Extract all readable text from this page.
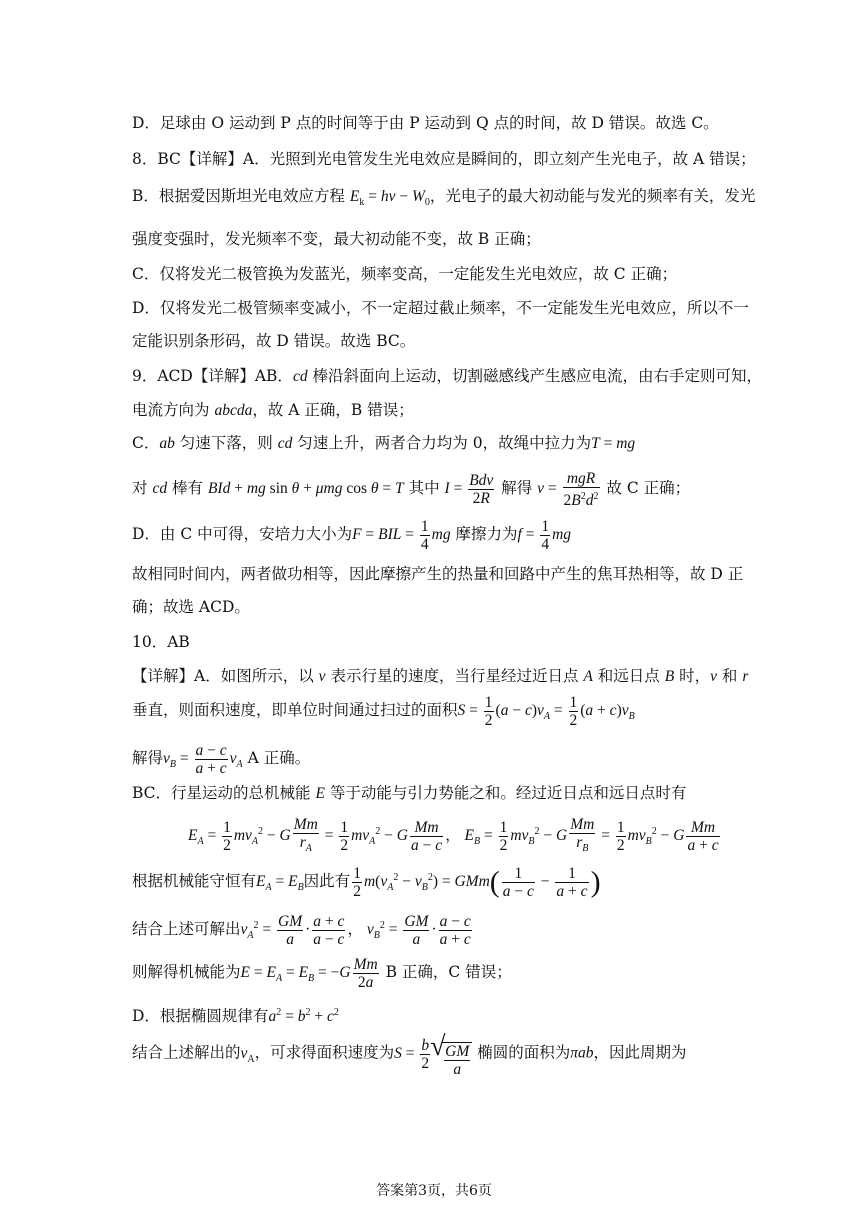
D．足球由 O 运动到 P 点的时间等于由 P 运动到 Q 点的时间，故 D 错误。故选 C。
8．BC【详解】A．光照到光电管发生光电效应是瞬间的，即立刻产生光电子，故 A 错误；
B．根据爱因斯坦光电效应方程 $E_k = h\nu - W_0$，光电子的最大初动能与发光的频率有关，发光
强度变强时，发光频率不变，最大初动能不变，故 B 正确；
C．仅将发光二极管换为发蓝光，频率变高，一定能发生光电效应，故 C 正确；
D．仅将发光二极管频率变减小，不一定超过截止频率，不一定能发生光电效应，所以不一
定能识别条形码，故 D 错误。故选 BC。
9．ACD【详解】AB．cd 棒沿斜面向上运动，切割磁感线产生感应电流，由右手定则可知，
电流方向为 abcda，故 A 正确，B 错误；
C．ab 匀速下落，则 cd 匀速上升，两者合力均为 0，故绳中拉力为T = mg
对 cd 棒有 BId + mg sin θ + μmg cos θ = T 其中 $I = \frac{\text{Bdv}}{2R}$ 解得 $v = \frac{\text{mgR}}{2B^2d^2}$ 故 C 正确；
D．由 C 中可得，安培力大小为F = BIL = $\frac{1}{4}$ mg 摩擦力为$f = \frac{1}{4}$ mg
故相同时间内，两者做功相等，因此摩擦产生的热量和回路中产生的焦耳热相等，故 D 正
确；故选 ACD。
10．AB
【详解】A．如图所示，以 v 表示行星的速度，当行星经过近日点 A 和远日点 B 时，v 和 r
垂直，则面积速度，即单位时间通过扫过的面积$S = \frac{1}{2} (a - c)v_A = \frac{1}{2} (a + c)v_B$
解得$v_B = \frac{a - c}{a + c} v_A$ A 正确。
BC．行星运动的总机械能 E 等于动能与引力势能之和。经过近日点和远日点时有
$E_A = \frac{1}{2} mv_A^2 - G \frac{Mm}{r_A} = \frac{1}{2} mv_A^2 - G \frac{Mm}{a - c}$ ， $E_B = \frac{1}{2} mv_B^2 - G \frac{Mm}{r_B} = \frac{1}{2} mv_B^2 - G \frac{Mm}{a + c}$
根据机械能守恒有$E_A = E_B$因此有 $\frac{1}{2} m(v_A^2 - v_B^2) = GMm( \frac{1}{a - c} - \frac{1}{a + c}$ )
结合上述可解出$v_A^2 = \frac{GM}{a} \cdot \frac{a + c}{a - c}$ ， $v_B^2 = \frac{GM}{a} \cdot \frac{a - c}{a + c}$
则解得机械能为$E = E_A = E_B = -G \frac{Mm}{2a}$ B 正确，C 错误；
D．根据椭圆规律有$a^2 = b^2 + c^2$
结合上述解出的$v_A$，可求得面积速度为$S = \frac{b}{2}$
√ $\frac{GM}{a}$ 椭圆的面积为πab，因此周期为
答案第3页，共6页
